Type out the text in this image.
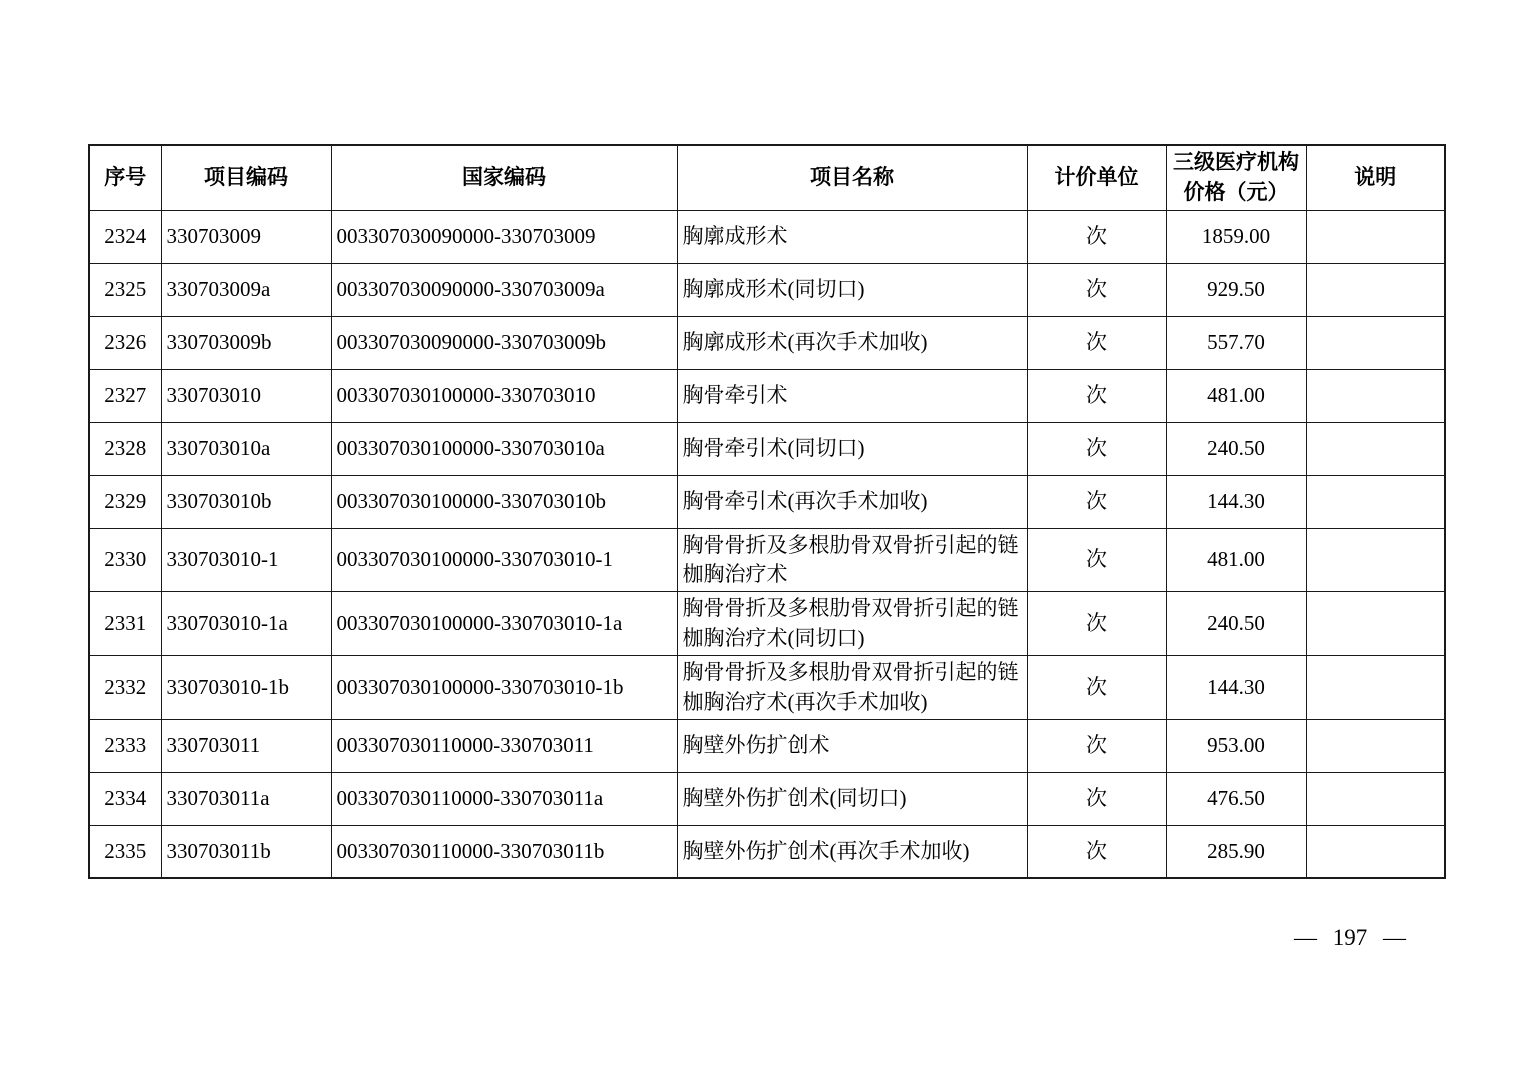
序号	项目编码	国家编码	项目名称	计价单位	三级医疗机构价格（元）	说明
2324	330703009	003307030090000-330703009	胸廓成形术	次	1859.00	
2325	330703009a	003307030090000-330703009a	胸廓成形术(同切口)	次	929.50	
2326	330703009b	003307030090000-330703009b	胸廓成形术(再次手术加收)	次	557.70	
2327	330703010	003307030100000-330703010	胸骨牵引术	次	481.00	
2328	330703010a	003307030100000-330703010a	胸骨牵引术(同切口)	次	240.50	
2329	330703010b	003307030100000-330703010b	胸骨牵引术(再次手术加收)	次	144.30	
2330	330703010-1	003307030100000-330703010-1	胸骨骨折及多根肋骨双骨折引起的链枷胸治疗术	次	481.00	
2331	330703010-1a	003307030100000-330703010-1a	胸骨骨折及多根肋骨双骨折引起的链枷胸治疗术(同切口)	次	240.50	
2332	330703010-1b	003307030100000-330703010-1b	胸骨骨折及多根肋骨双骨折引起的链枷胸治疗术(再次手术加收)	次	144.30	
2333	330703011	003307030110000-330703011	胸壁外伤扩创术	次	953.00	
2334	330703011a	003307030110000-330703011a	胸壁外伤扩创术(同切口)	次	476.50	
2335	330703011b	003307030110000-330703011b	胸壁外伤扩创术(再次手术加收)	次	285.90	
— 197 —
